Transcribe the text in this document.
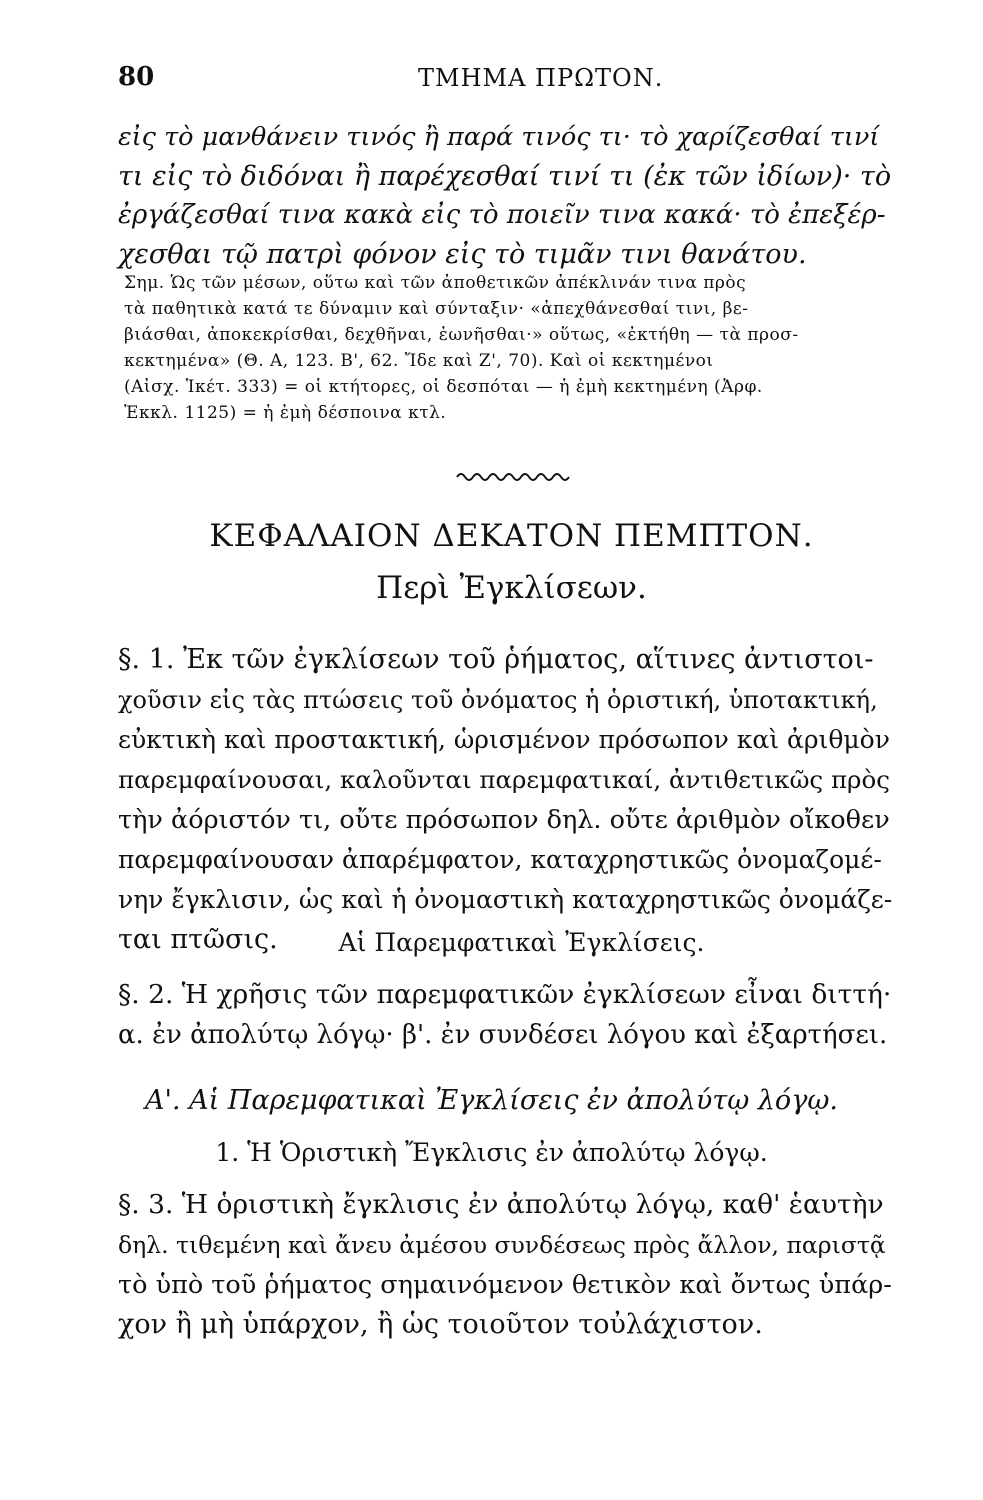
80	ΤΜΗΜΑ ΠΡΩΤΟΝ.
εἰς τὸ μανθάνειν τινός ἢ παρά τινός τι· τὸ χαρίζεσθαί τινί
τι εἰς τὸ διδόναι ἢ παρέχεσθαί τινί τι (ἐκ τῶν ἰδίων)· τὸ
ἐργάζεσθαί τινα κακὰ εἰς τὸ ποιεῖν τινα κακά· τὸ ἐπεξέρ-
χεσθαι τῷ πατρὶ φόνον εἰς τὸ τιμᾶν τινι θανάτου.
Σημ. Ὡς τῶν μέσων, οὕτω καὶ τῶν ἀποθετικῶν ἀπέκλινάν τινα πρὸς
τὰ παθητικὰ κατά τε δύναμιν καὶ σύνταξιν· «ἀπεχθάνεσθαί τινι, βε-
βιάσθαι, ἀποκεκρίσθαι, δεχθῆναι, ἐωνῆσθαι·» οὕτως, «ἐκτήθη — τὰ προσ-
κεκτημένα» (Θ. Α, 123. Β', 62. Ἴδε καὶ Ζ', 70). Καὶ οἱ κεκτημένοι
(Αἰσχ. Ἱκέτ. 333) = οἱ κτήτορες, οἱ δεσπόται — ἡ ἐμὴ κεκτημένη (Ἀρφ.
Ἐκκλ. 1125) = ἡ ἐμὴ δέσποινα κτλ.
ΚΕΦΑΛΑΙΟΝ ΔΕΚΑΤΟΝ ΠΕΜΠΤΟΝ.
Περὶ Ἐγκλίσεων.
§. 1. Ἐκ τῶν ἐγκλίσεων τοῦ ῥήματος, αἵτινες ἀντιστοι-
χοῦσιν εἰς τὰς πτώσεις τοῦ ὀνόματος ἡ ὁριστική, ὑποτακτική,
εὐκτικὴ καὶ προστακτική, ὡρισμένον πρόσωπον καὶ ἀριθμὸν
παρεμφαίνουσαι, καλοῦνται παρεμφατικαί, ἀντιθετικῶς πρὸς
τὴν ἀόριστόν τι, οὔτε πρόσωπον δηλ. οὔτε ἀριθμὸν οἴκοθεν
παρεμφαίνουσαν ἀπαρέμφατον, καταχρηστικῶς ὀνομαζομέ-
νην ἔγκλισιν, ὡς καὶ ἡ ὀνομαστικὴ καταχρηστικῶς ὀνομάζε-
ται πτῶσις.	Αἱ Παρεμφατικαὶ Ἐγκλίσεις.
§. 2. Ἡ χρῆσις τῶν παρεμφατικῶν ἐγκλίσεων εἶναι διττή·
α. ἐν ἀπολύτῳ λόγῳ· β'. ἐν συνδέσει λόγου καὶ ἐξαρτήσει.
Α'. Αἱ Παρεμφατικαὶ Ἐγκλίσεις ἐν ἀπολύτῳ λόγῳ.
1. Ἡ Ὁριστικὴ Ἔγκλισις ἐν ἀπολύτῳ λόγῳ.
§. 3. Ἡ ὁριστικὴ ἔγκλισις ἐν ἀπολύτῳ λόγῳ, καθ' ἑαυτὴν
δηλ. τιθεμένη καὶ ἄνευ ἀμέσου συνδέσεως πρὸς ἄλλον, παριστᾷ
τὸ ὑπὸ τοῦ ῥήματος σημαινόμενον θετικὸν καὶ ὄντως ὑπάρ-
χον ἢ μὴ ὑπάρχον, ἢ ὡς τοιοῦτον τοὐλάχιστον.
